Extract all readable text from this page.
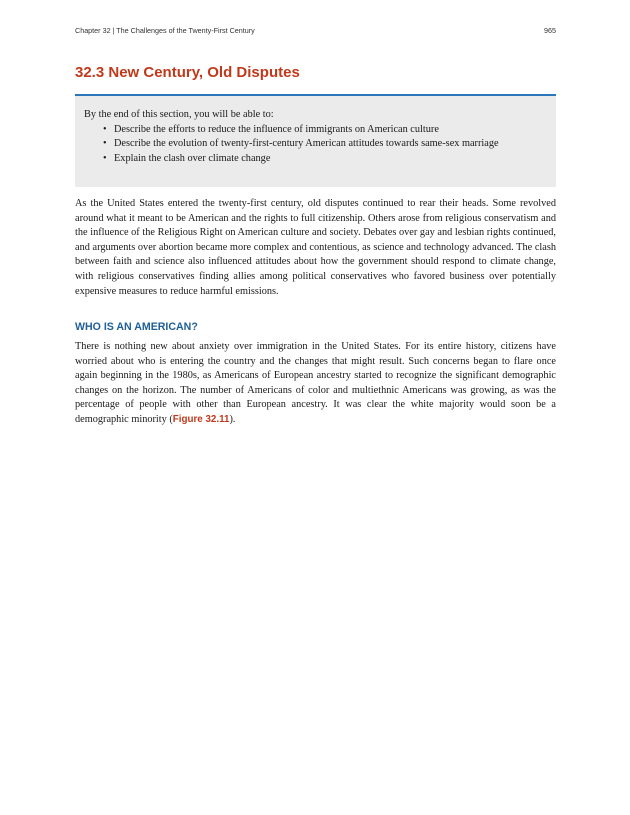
Chapter 32 | The Challenges of the Twenty-First Century	965
32.3 New Century, Old Disputes

By the end of this section, you will be able to:

• Describe the efforts to reduce the influence of immigrants on American culture
• Describe the evolution of twenty-first-century American attitudes towards same-sex marriage
• Explain the clash over climate change

As the United States entered the twenty-first century, old disputes continued to rear their heads. Some revolved around what it meant to be American and the rights to full citizenship. Others arose from religious conservatism and the influence of the Religious Right on American culture and society. Debates over gay and lesbian rights continued, and arguments over abortion became more complex and contentious, as science and technology advanced. The clash between faith and science also influenced attitudes about how the government should respond to climate change, with religious conservatives finding allies among political conservatives who favored business over potentially expensive measures to reduce harmful emissions.

WHO IS AN AMERICAN?

There is nothing new about anxiety over immigration in the United States. For its entire history, citizens have worried about who is entering the country and the changes that might result. Such concerns began to flare once again beginning in the 1980s, as Americans of European ancestry started to recognize the significant demographic changes on the horizon. The number of Americans of color and multiethnic Americans was growing, as was the percentage of people with other than European ancestry. It was clear the white majority would soon be a demographic minority (Figure 32.11).
